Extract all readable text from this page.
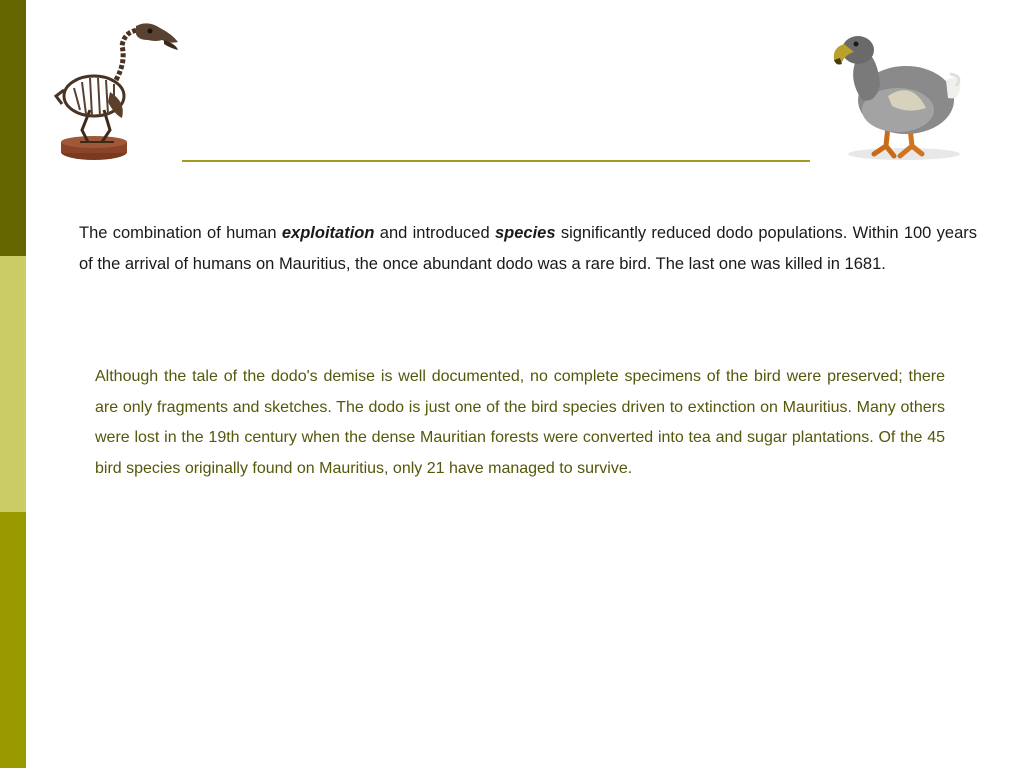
The combination of human exploitation and introduced species significantly reduced dodo populations. Within 100 years of the arrival of humans on Mauritius, the once abundant dodo was a rare bird. The last one was killed in 1681.

Although the tale of the dodo's demise is well documented, no complete specimens of the bird were preserved; there are only fragments and sketches. The dodo is just one of the bird species driven to extinction on Mauritius. Many others were lost in the 19th century when the dense Mauritian forests were converted into tea and sugar plantations. Of the 45 bird species originally found on Mauritius, only 21 have managed to survive.
